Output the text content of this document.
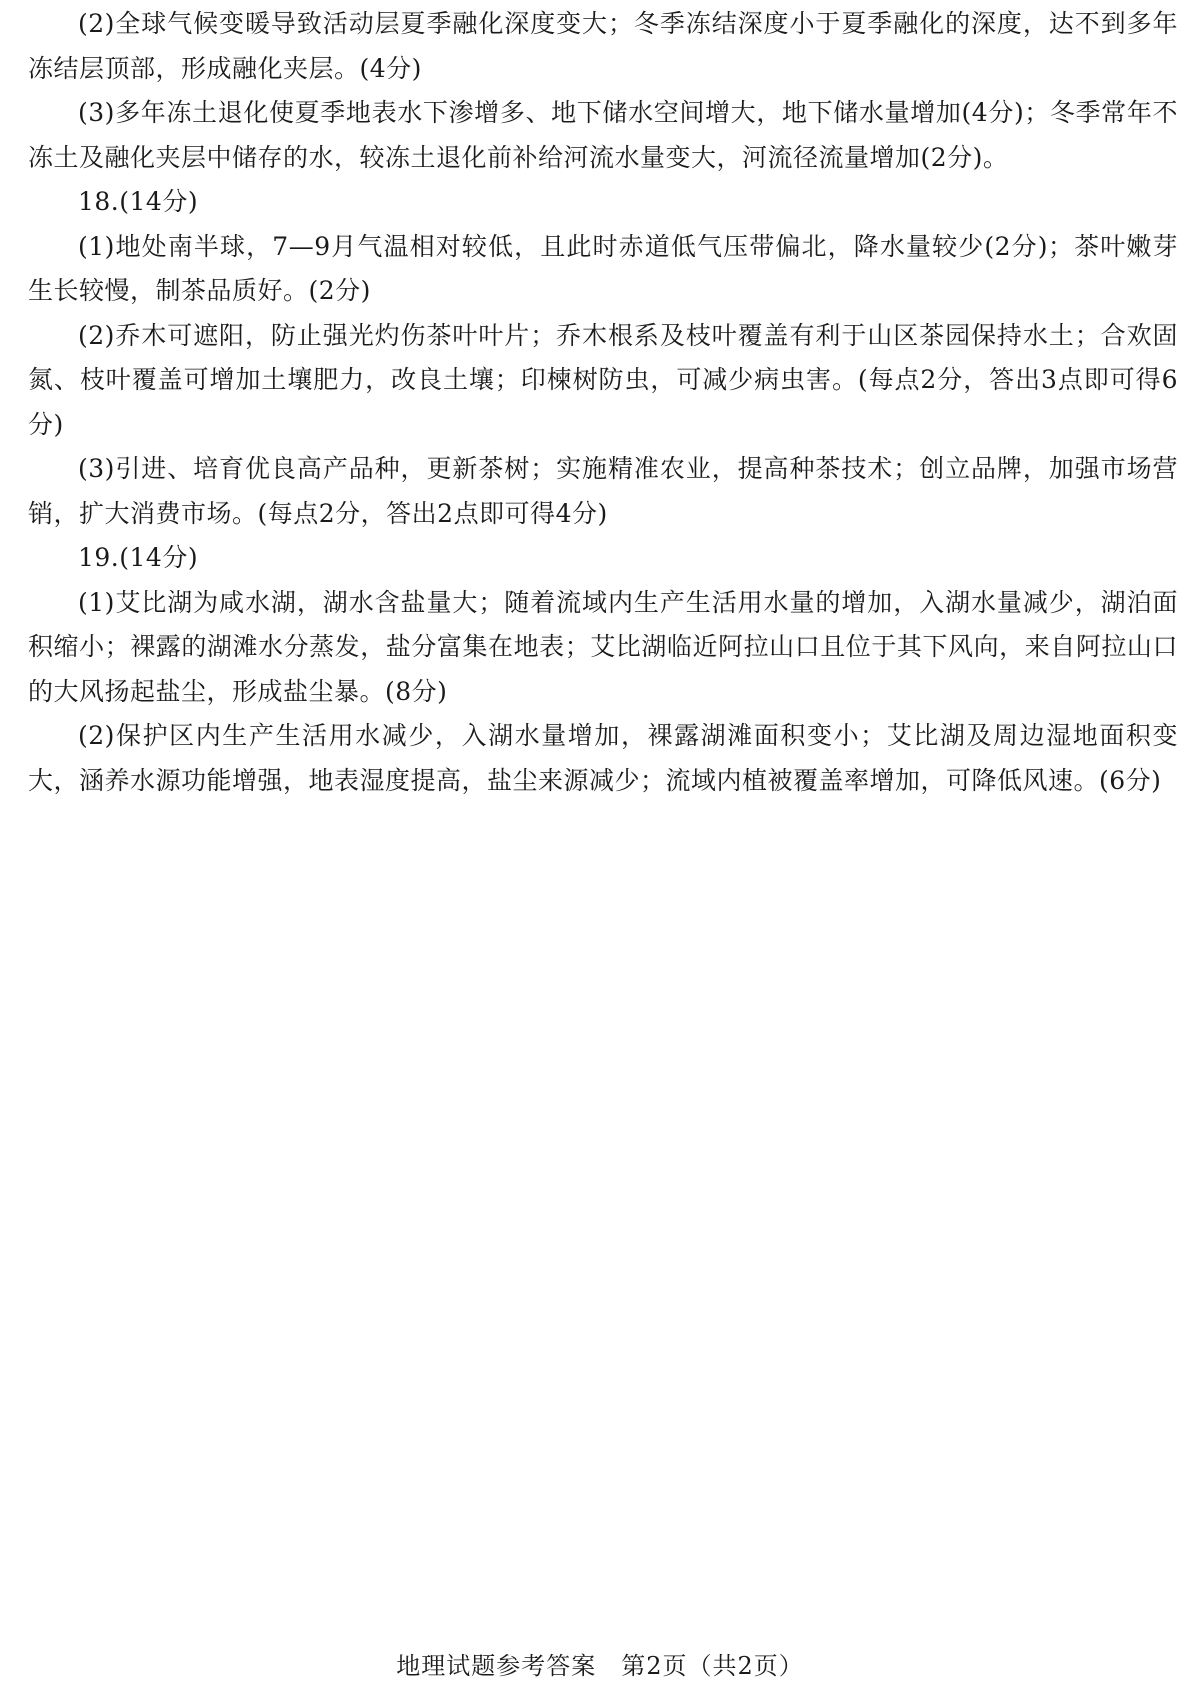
(2)全球气候变暖导致活动层夏季融化深度变大；冬季冻结深度小于夏季融化的深度，达不到多年冻结层顶部，形成融化夹层。(4分)

(3)多年冻土退化使夏季地表水下渗增多、地下储水空间增大，地下储水量增加(4分)；冬季常年不冻土及融化夹层中储存的水，较冻土退化前补给河流水量变大，河流径流量增加(2分)。

18.(14分)

(1)地处南半球，7—9月气温相对较低，且此时赤道低气压带偏北，降水量较少(2分)；茶叶嫩芽生长较慢，制茶品质好。(2分)

(2)乔木可遮阳，防止强光灼伤茶叶叶片；乔木根系及枝叶覆盖有利于山区茶园保持水土；合欢固氮、枝叶覆盖可增加土壤肥力，改良土壤；印楝树防虫，可减少病虫害。(每点2分，答出3点即可得6分)

(3)引进、培育优良高产品种，更新茶树；实施精准农业，提高种茶技术；创立品牌，加强市场营销，扩大消费市场。(每点2分，答出2点即可得4分)

19.(14分)

(1)艾比湖为咸水湖，湖水含盐量大；随着流域内生产生活用水量的增加，入湖水量减少，湖泊面积缩小；裸露的湖滩水分蒸发，盐分富集在地表；艾比湖临近阿拉山口且位于其下风向，来自阿拉山口的大风扬起盐尘，形成盐尘暴。(8分)

(2)保护区内生产生活用水减少，入湖水量增加，裸露湖滩面积变小；艾比湖及周边湿地面积变大，涵养水源功能增强，地表湿度提高，盐尘来源减少；流域内植被覆盖率增加，可降低风速。(6分)

地理试题参考答案　第2页（共2页）
